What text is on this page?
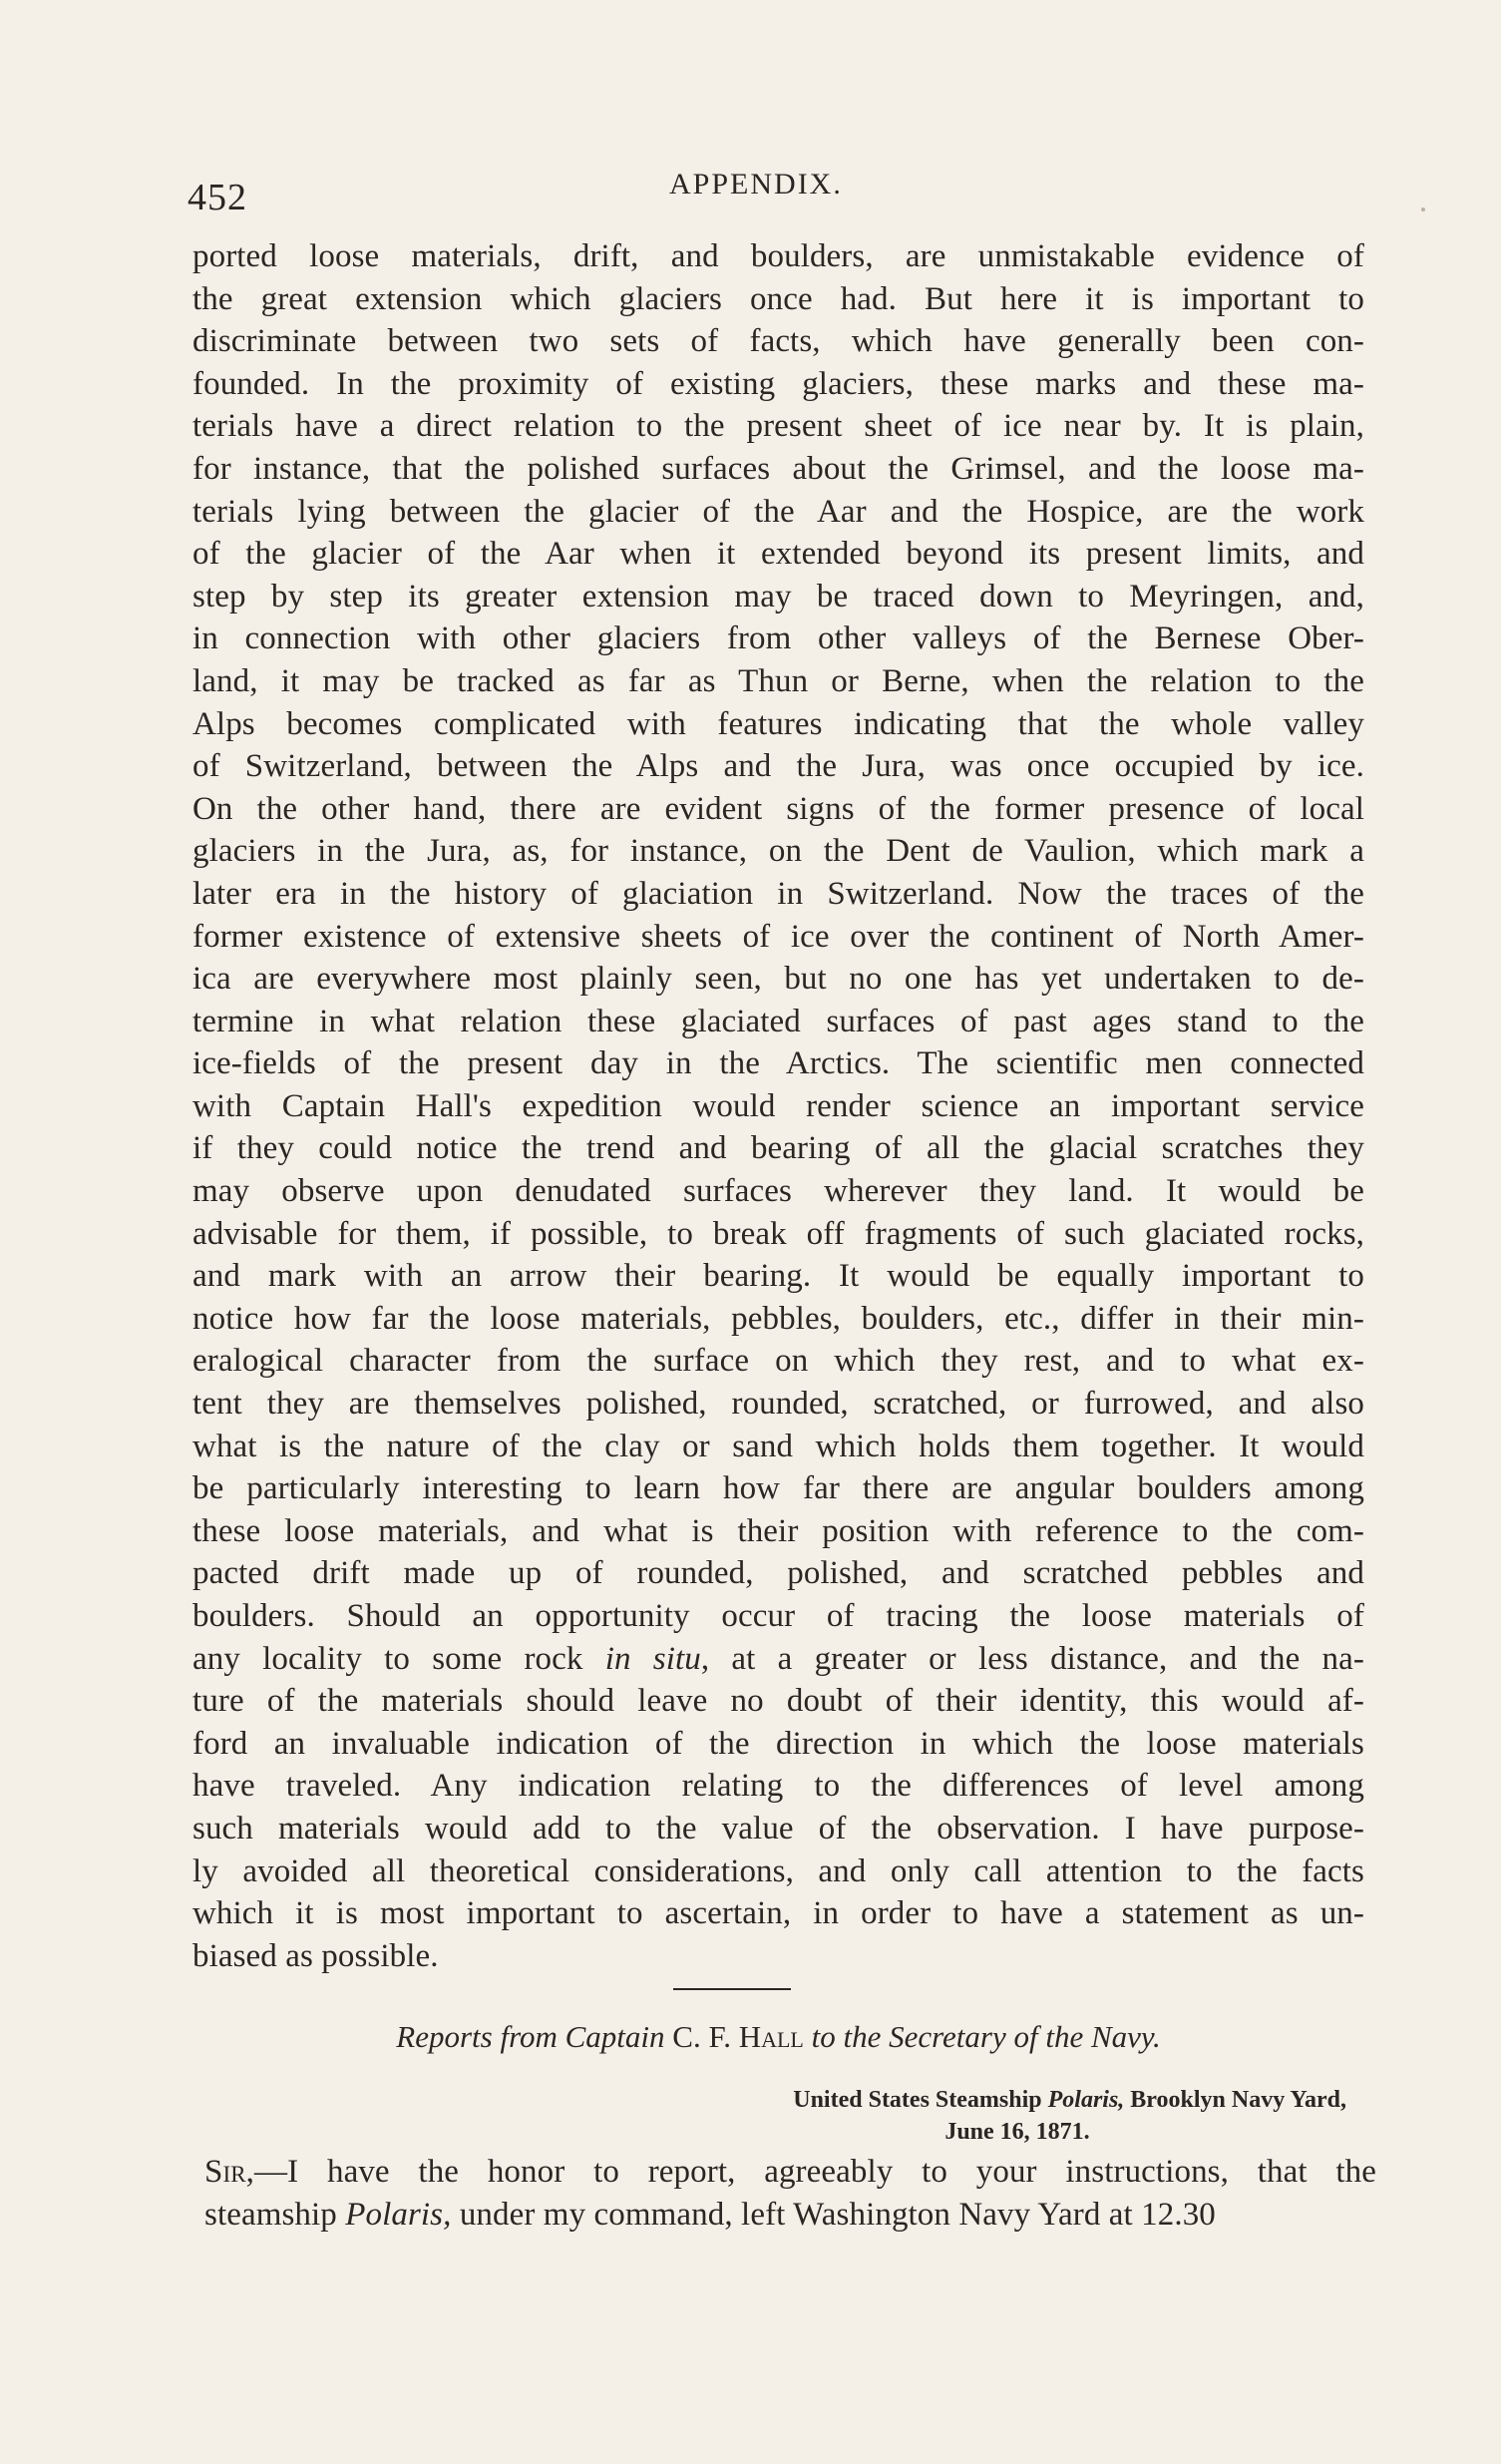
452	APPENDIX.
ported loose materials, drift, and boulders, are unmistakable evidence of
the great extension which glaciers once had. But here it is important to
discriminate between two sets of facts, which have generally been con-
founded. In the proximity of existing glaciers, these marks and these ma-
terials have a direct relation to the present sheet of ice near by. It is plain,
for instance, that the polished surfaces about the Grimsel, and the loose ma-
terials lying between the glacier of the Aar and the Hospice, are the work
of the glacier of the Aar when it extended beyond its present limits, and
step by step its greater extension may be traced down to Meyringen, and,
in connection with other glaciers from other valleys of the Bernese Ober-
land, it may be tracked as far as Thun or Berne, when the relation to the
Alps becomes complicated with features indicating that the whole valley
of Switzerland, between the Alps and the Jura, was once occupied by ice.
On the other hand, there are evident signs of the former presence of local
glaciers in the Jura, as, for instance, on the Dent de Vaulion, which mark a
later era in the history of glaciation in Switzerland. Now the traces of the
former existence of extensive sheets of ice over the continent of North Amer-
ica are everywhere most plainly seen, but no one has yet undertaken to de-
termine in what relation these glaciated surfaces of past ages stand to the
ice-fields of the present day in the Arctics. The scientific men connected
with Captain Hall's expedition would render science an important service
if they could notice the trend and bearing of all the glacial scratches they
may observe upon denudated surfaces wherever they land. It would be
advisable for them, if possible, to break off fragments of such glaciated rocks,
and mark with an arrow their bearing. It would be equally important to
notice how far the loose materials, pebbles, boulders, etc., differ in their min-
eralogical character from the surface on which they rest, and to what ex-
tent they are themselves polished, rounded, scratched, or furrowed, and also
what is the nature of the clay or sand which holds them together. It would
be particularly interesting to learn how far there are angular boulders among
these loose materials, and what is their position with reference to the com-
pacted drift made up of rounded, polished, and scratched pebbles and
boulders. Should an opportunity occur of tracing the loose materials of
any locality to some rock in situ, at a greater or less distance, and the na-
ture of the materials should leave no doubt of their identity, this would af-
ford an invaluable indication of the direction in which the loose materials
have traveled. Any indication relating to the differences of level among
such materials would add to the value of the observation. I have purpose-
ly avoided all theoretical considerations, and only call attention to the facts
which it is most important to ascertain, in order to have a statement as un-
biased as possible.
Reports from Captain C. F. Hall to the Secretary of the Navy.
United States Steamship Polaris, Brooklyn Navy Yard,
June 16, 1871.
Sir,—I have the honor to report, agreeably to your instructions, that the
steamship Polaris, under my command, left Washington Navy Yard at 12.30
